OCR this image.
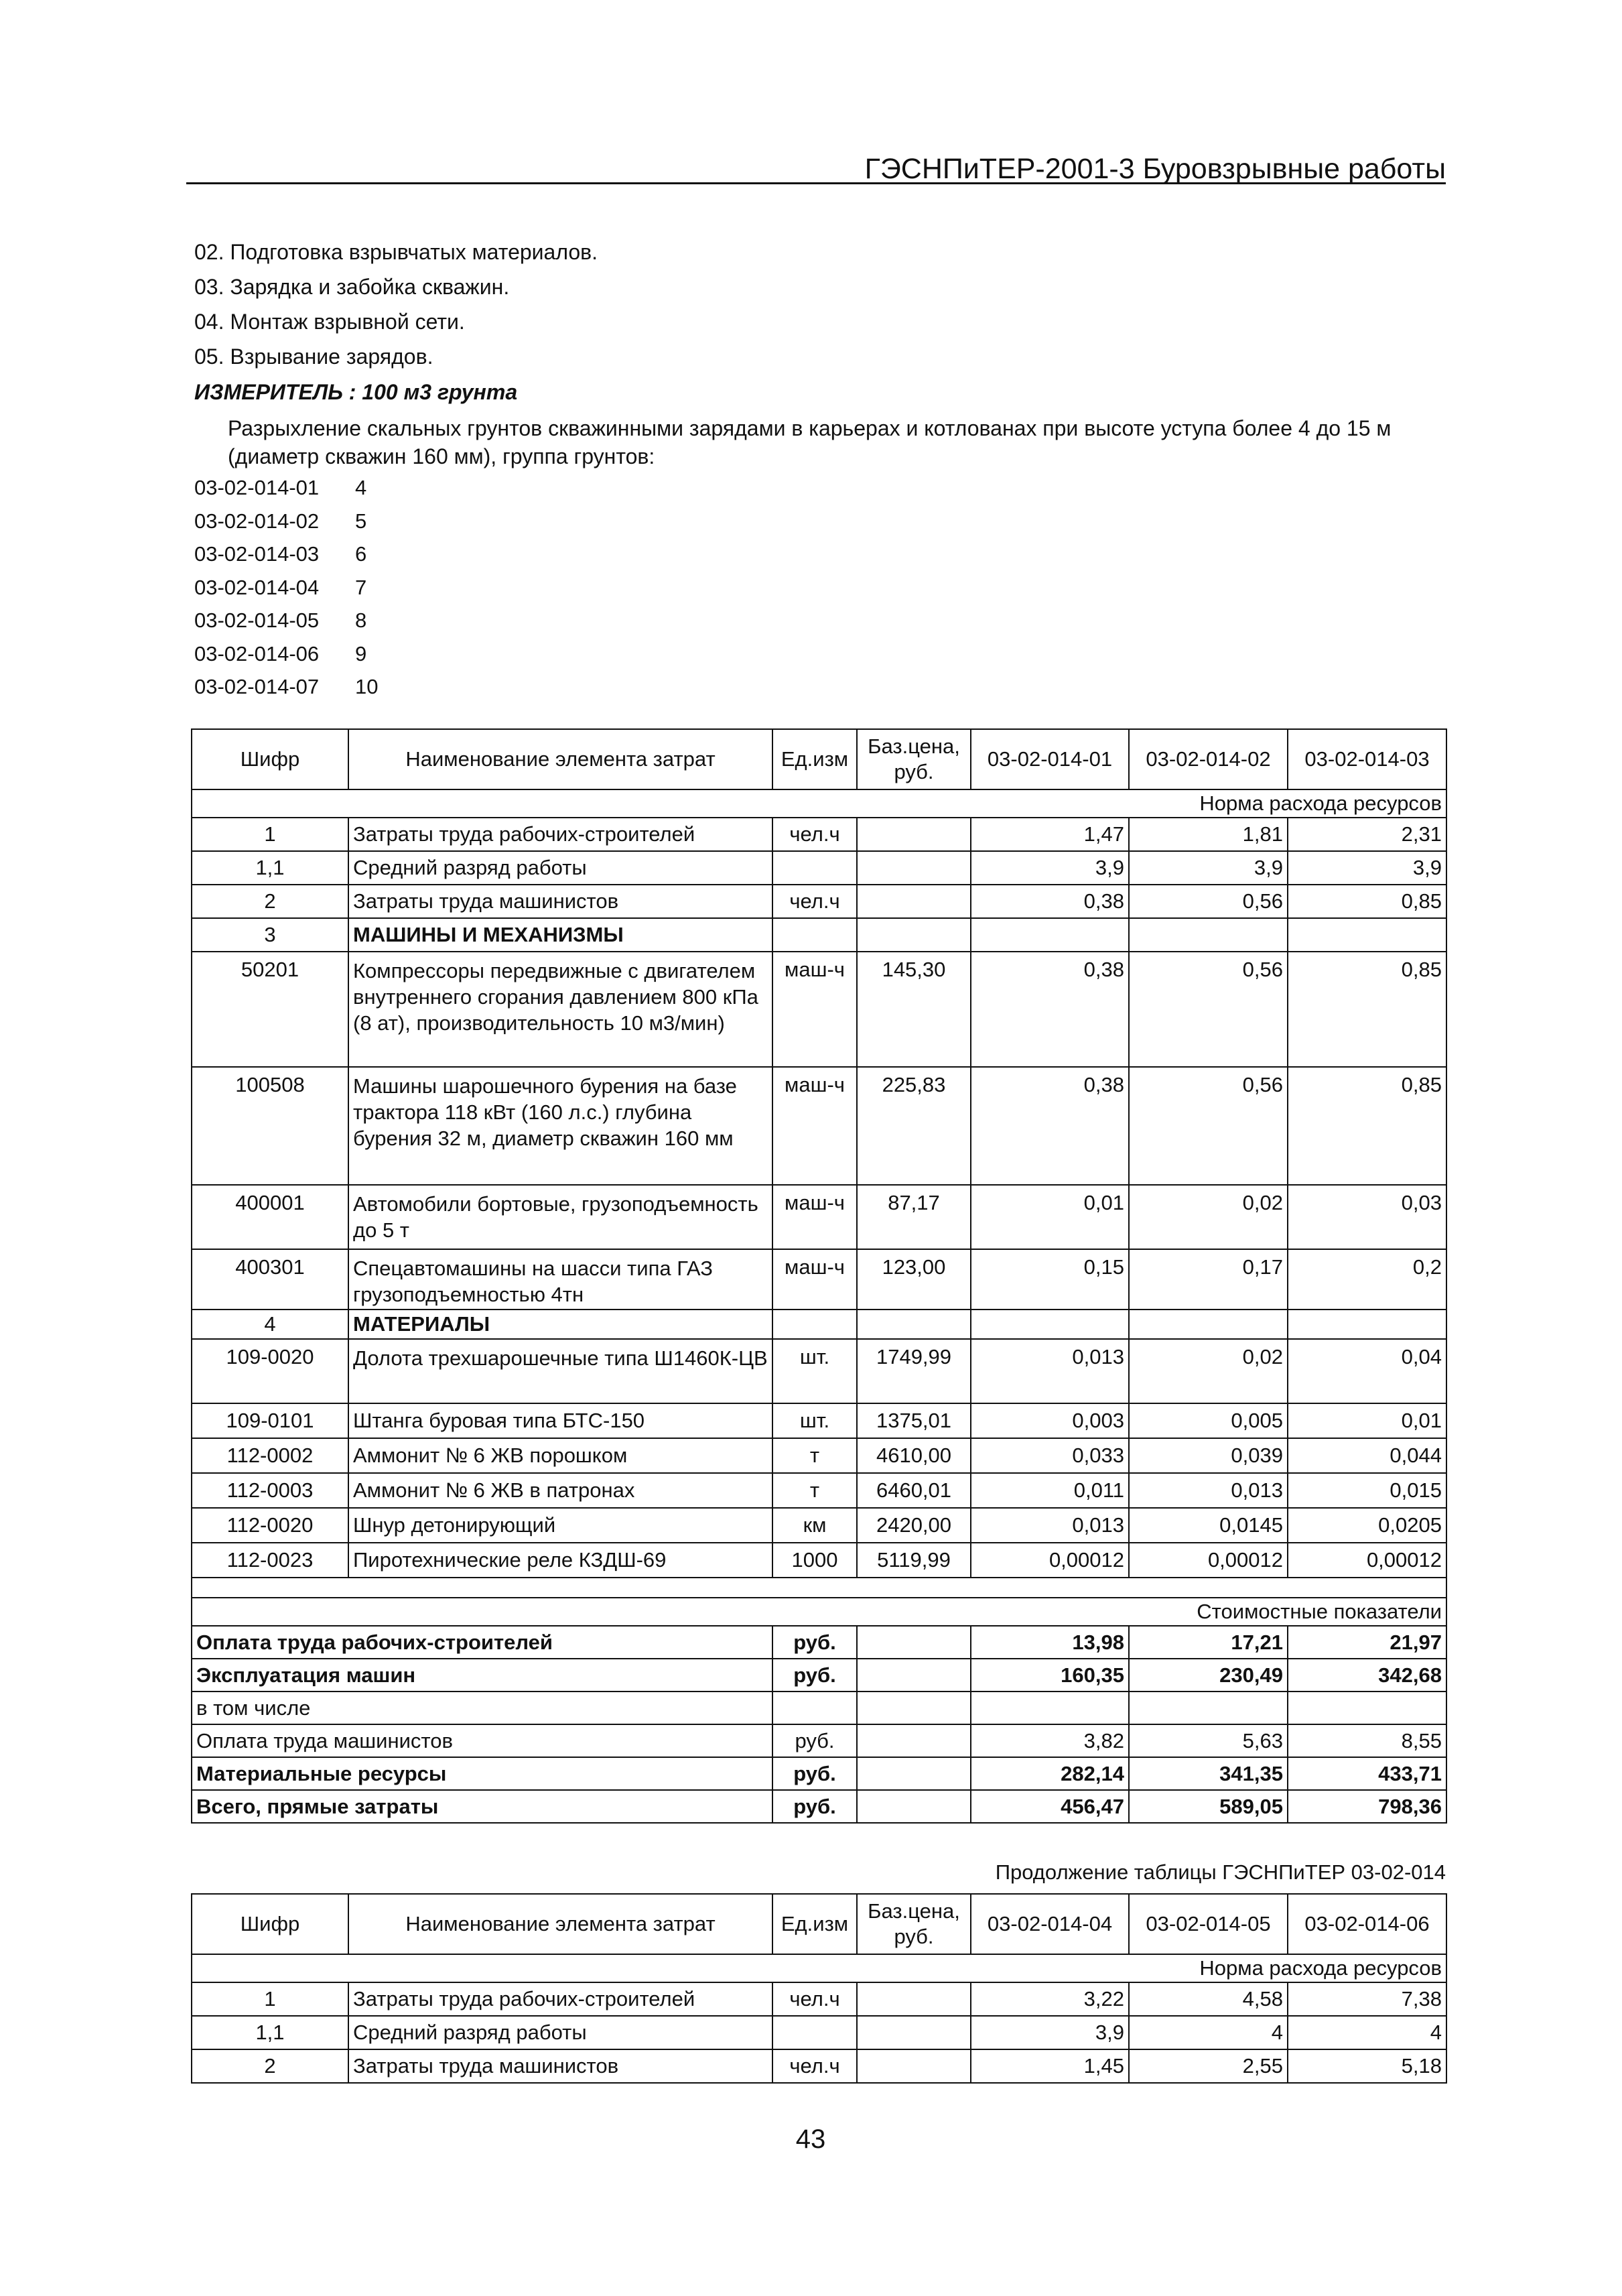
ГЭСНПиТЕР-2001-3 Буровзрывные работы
02. Подготовка взрывчатых материалов.
03. Зарядка и забойка скважин.
04. Монтаж взрывной сети.
05. Взрывание зарядов.
ИЗМЕРИТЕЛЬ : 100 м3 грунта
Разрыхление скальных грунтов скважинными зарядами в карьерах и котлованах при высоте уступа более 4 до 15 м (диаметр скважин 160 мм), группа грунтов:
03-02-014-01 4
03-02-014-02 5
03-02-014-03 6
03-02-014-04 7
03-02-014-05 8
03-02-014-06 9
03-02-014-07 10
Шифр	Наименование элемента затрат	Ед.изм	Баз.цена, руб.	03-02-014-01	03-02-014-02	03-02-014-03
Норма расхода ресурсов						
1	Затраты труда рабочих-строителей	чел.ч		1,47	1,81	2,31
1,1	Средний разряд работы			3,9	3,9	3,9
2	Затраты труда машинистов	чел.ч		0,38	0,56	0,85
3	МАШИНЫ И МЕХАНИЗМЫ					
50201	Компрессоры передвижные с двигателем внутреннего сгорания давлением 800 кПа (8 ат), производительность 10 м3/мин)	маш-ч	145,30	0,38	0,56	0,85
100508	Машины шарошечного бурения на базе трактора 118 кВт (160 л.с.) глубина бурения 32 м, диаметр скважин 160 мм	маш-ч	225,83	0,38	0,56	0,85
400001	Автомобили бортовые, грузоподъемность до 5 т	маш-ч	87,17	0,01	0,02	0,03
400301	Спецавтомашины на шасси типа ГАЗ грузоподъемностью 4тн	маш-ч	123,00	0,15	0,17	0,2
4	МАТЕРИАЛЫ					
109-0020	Долота трехшарошечные типа Ш1460К-ЦВ	шт.	1749,99	0,013	0,02	0,04
109-0101	Штанга буровая типа БТС-150	шт.	1375,01	0,003	0,005	0,01
112-0002	Аммонит № 6 ЖВ порошком	т	4610,00	0,033	0,039	0,044
112-0003	Аммонит № 6 ЖВ в патронах	т	6460,01	0,011	0,013	0,015
112-0020	Шнур детонирующий	км	2420,00	0,013	0,0145	0,0205
112-0023	Пиротехнические реле КЗДШ-69	1000	5119,99	0,00012	0,00012	0,00012

Стоимостные показатели						
Оплата труда рабочих-строителей		руб.		13,98	17,21	21,97
Эксплуатация машин		руб.		160,35	230,49	342,68
в том числе						
Оплата труда машинистов		руб.		3,82	5,63	8,55
Материальные ресурсы		руб.		282,14	341,35	433,71
Всего, прямые затраты		руб.		456,47	589,05	798,36
Продолжение таблицы ГЭСНПиТЕР 03-02-014
Шифр	Наименование элемента затрат	Ед.изм	Баз.цена, руб.	03-02-014-04	03-02-014-05	03-02-014-06
Норма расхода ресурсов						
1	Затраты труда рабочих-строителей	чел.ч		3,22	4,58	7,38
1,1	Средний разряд работы			3,9	4	4
2	Затраты труда машинистов	чел.ч		1,45	2,55	5,18
43
